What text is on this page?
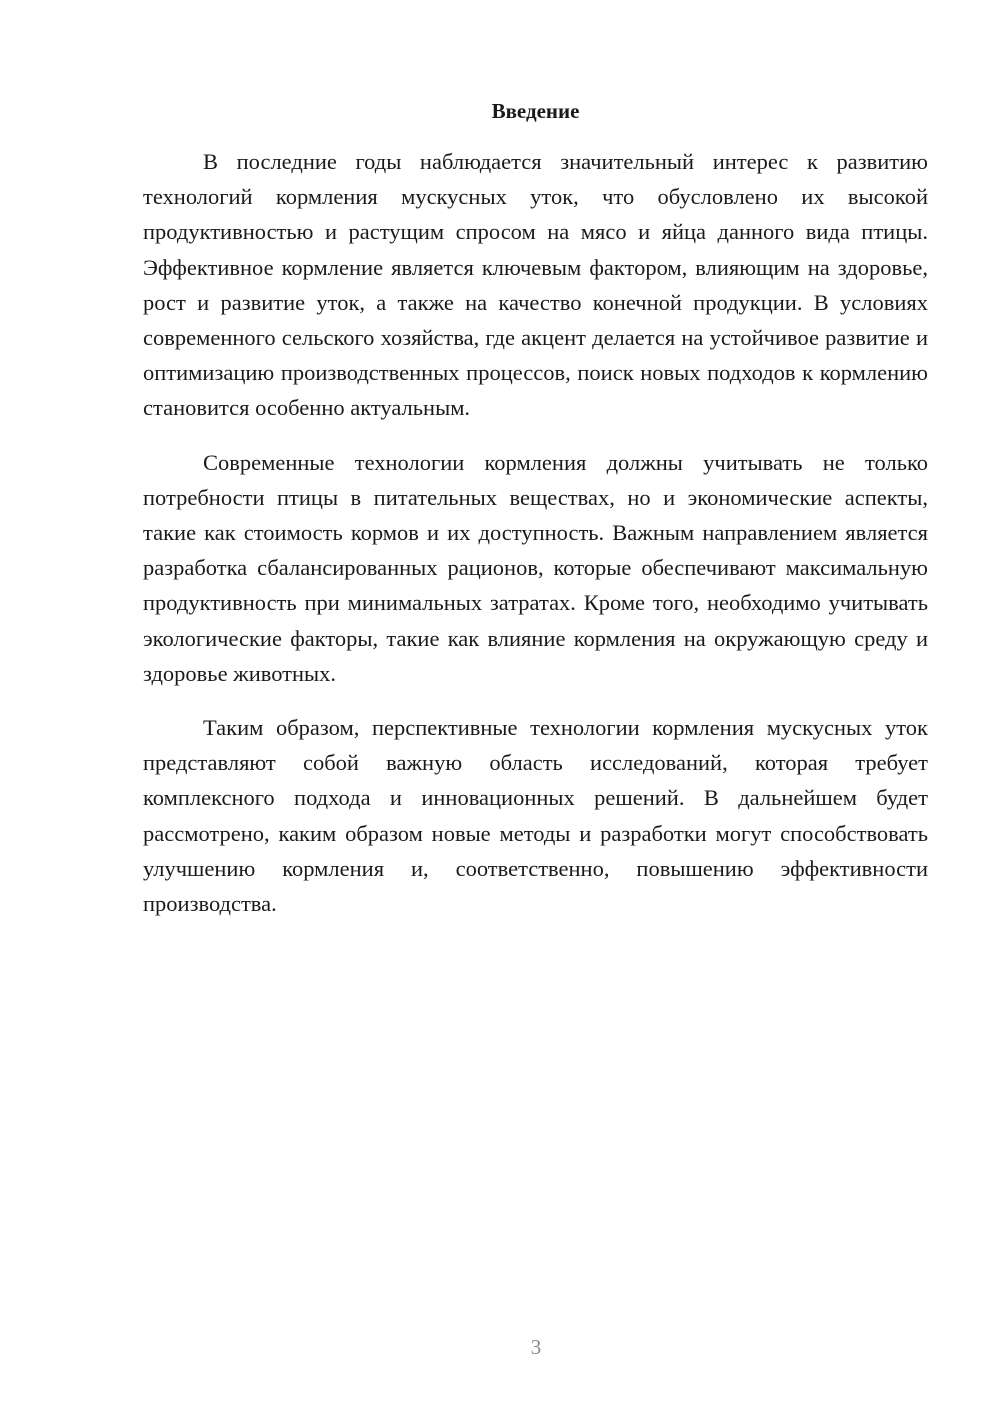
Введение

В последние годы наблюдается значительный интерес к развитию технологий кормления мускусных уток, что обусловлено их высокой продуктивностью и растущим спросом на мясо и яйца данного вида птицы. Эффективное кормление является ключевым фактором, влияющим на здоровье, рост и развитие уток, а также на качество конечной продукции. В условиях современного сельского хозяйства, где акцент делается на устойчивое развитие и оптимизацию производственных процессов, поиск новых подходов к кормлению становится особенно актуальным.

Современные технологии кормления должны учитывать не только потребности птицы в питательных веществах, но и экономические аспекты, такие как стоимость кормов и их доступность. Важным направлением является разработка сбалансированных рационов, которые обеспечивают максимальную продуктивность при минимальных затратах. Кроме того, необходимо учитывать экологические факторы, такие как влияние кормления на окружающую среду и здоровье животных.

Таким образом, перспективные технологии кормления мускусных уток представляют собой важную область исследований, которая требует комплексного подхода и инновационных решений. В дальнейшем будет рассмотрено, каким образом новые методы и разработки могут способствовать улучшению кормления и, соответственно, повышению эффективности производства.

3
